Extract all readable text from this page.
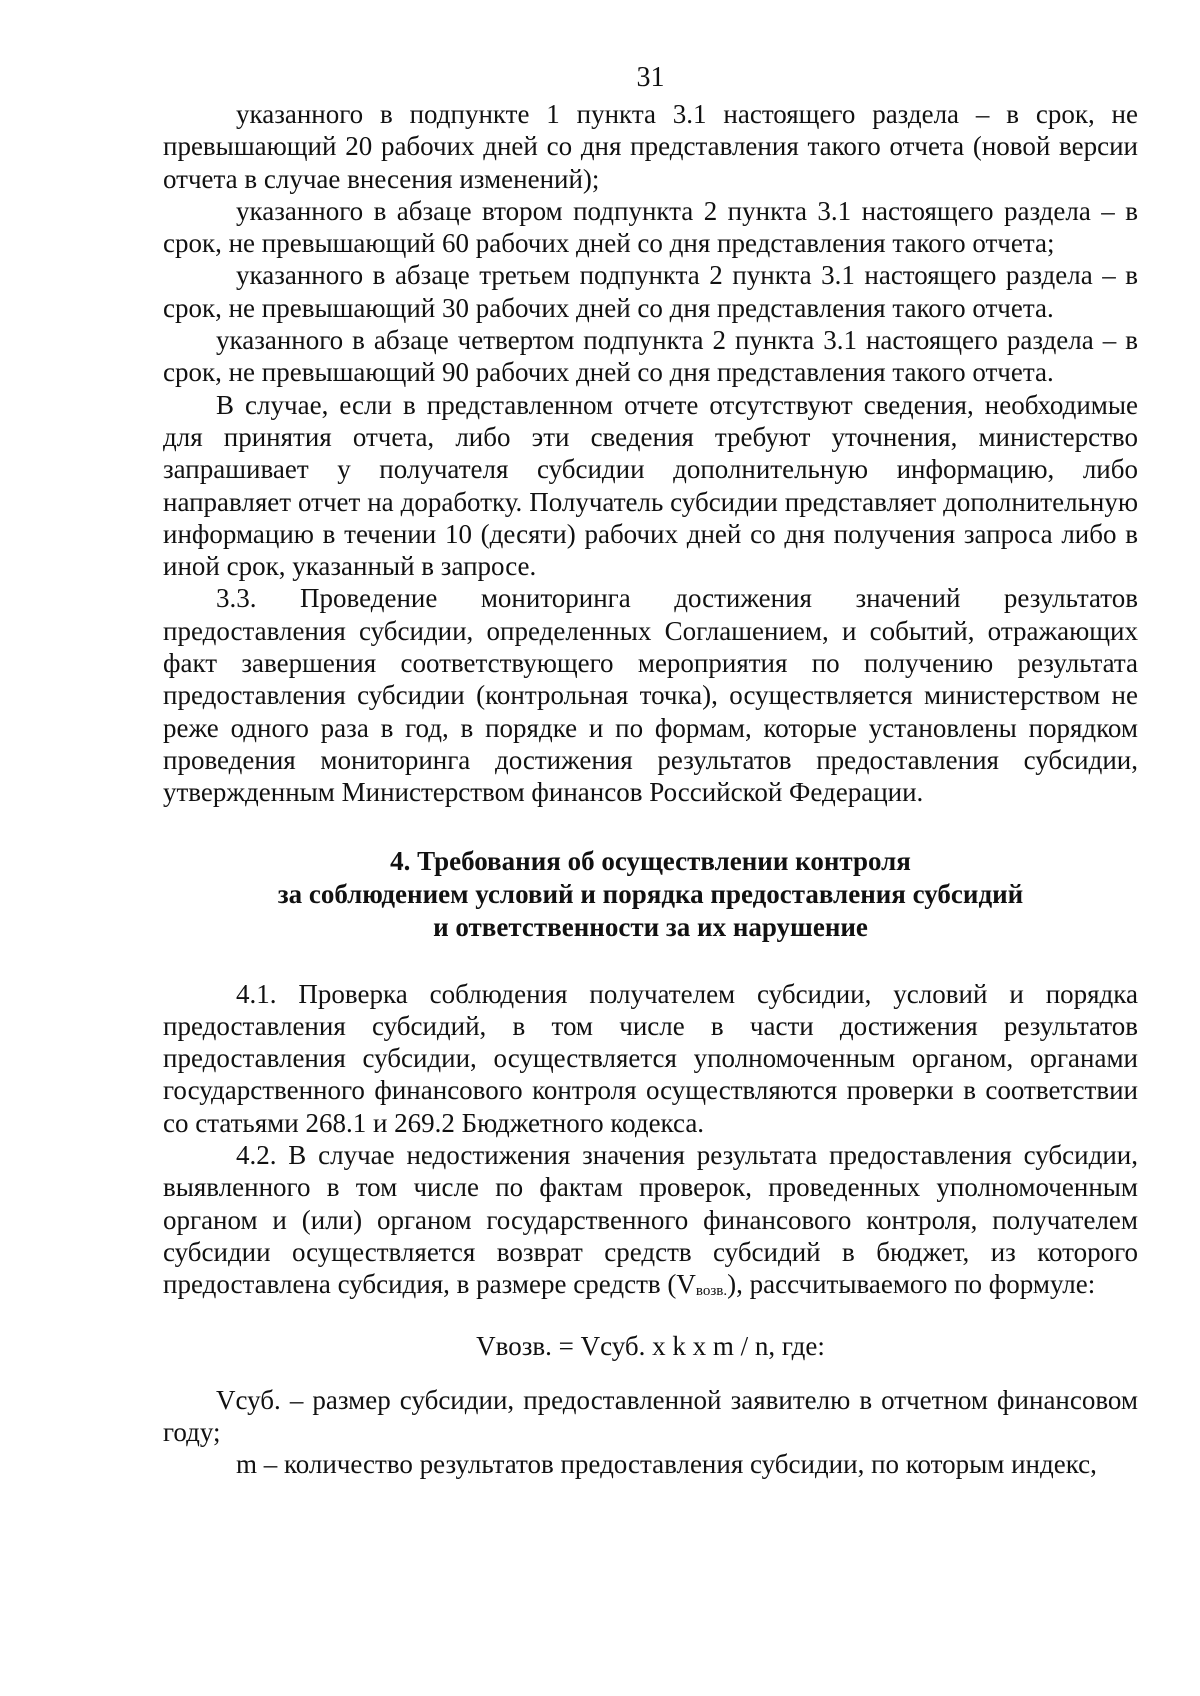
31

указанного в подпункте 1 пункта 3.1 настоящего раздела – в срок, не превышающий 20 рабочих дней со дня представления такого отчета (новой версии отчета в случае внесения изменений);

указанного в абзаце втором подпункта 2 пункта 3.1 настоящего раздела – в срок, не превышающий 60 рабочих дней со дня представления такого отчета;

указанного в абзаце третьем подпункта 2 пункта 3.1 настоящего раздела – в срок, не превышающий 30 рабочих дней со дня представления такого отчета.

указанного в абзаце четвертом подпункта 2 пункта 3.1 настоящего раздела – в срок, не превышающий 90 рабочих дней со дня представления такого отчета.

В случае, если в представленном отчете отсутствуют сведения, необходимые для принятия отчета, либо эти сведения требуют уточнения, министерство запрашивает у получателя субсидии дополнительную информацию, либо направляет отчет на доработку. Получатель субсидии представляет дополнительную информацию в течении 10 (десяти) рабочих дней со дня получения запроса либо в иной срок, указанный в запросе.

3.3. Проведение мониторинга достижения значений результатов предоставления субсидии, определенных Соглашением, и событий, отражающих факт завершения соответствующего мероприятия по получению результата предоставления субсидии (контрольная точка), осуществляется министерством не реже одного раза в год, в порядке и по формам, которые установлены порядком проведения мониторинга достижения результатов предоставления субсидии, утвержденным Министерством финансов Российской Федерации.

4. Требования об осуществлении контроля
за соблюдением условий и порядка предоставления субсидий
и ответственности за их нарушение

4.1. Проверка соблюдения получателем субсидии, условий и порядка предоставления субсидий, в том числе в части достижения результатов предоставления субсидии, осуществляется уполномоченным органом, органами государственного финансового контроля осуществляются проверки в соответствии со статьями 268.1 и 269.2 Бюджетного кодекса.

4.2. В случае недостижения значения результата предоставления субсидии, выявленного в том числе по фактам проверок, проведенных уполномоченным органом и (или) органом государственного финансового контроля, получателем субсидии осуществляется возврат средств субсидий в бюджет, из которого предоставлена субсидия, в размере средств $(V_{возв.})$, рассчитываемого по формуле:

Vвозв. = Vсуб. x k x m / n, где:

Vсуб. – размер субсидии, предоставленной заявителю в отчетном финансовом году;

m – количество результатов предоставления субсидии, по которым индекс,
